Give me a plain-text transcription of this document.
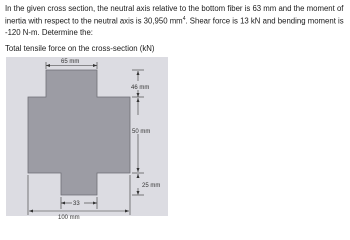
In the given cross section, the neutral axis relative to the bottom fiber is 63 mm and the moment of
inertia with respect to the neutral axis is 30,950 $mm^4$. Shear force is 13 kN and bending moment is
-120 N-m. Determine the:
Total tensile force on the cross-section (kN)
65 mm
46 mm
50 mm
25 mm
33
100 mm
